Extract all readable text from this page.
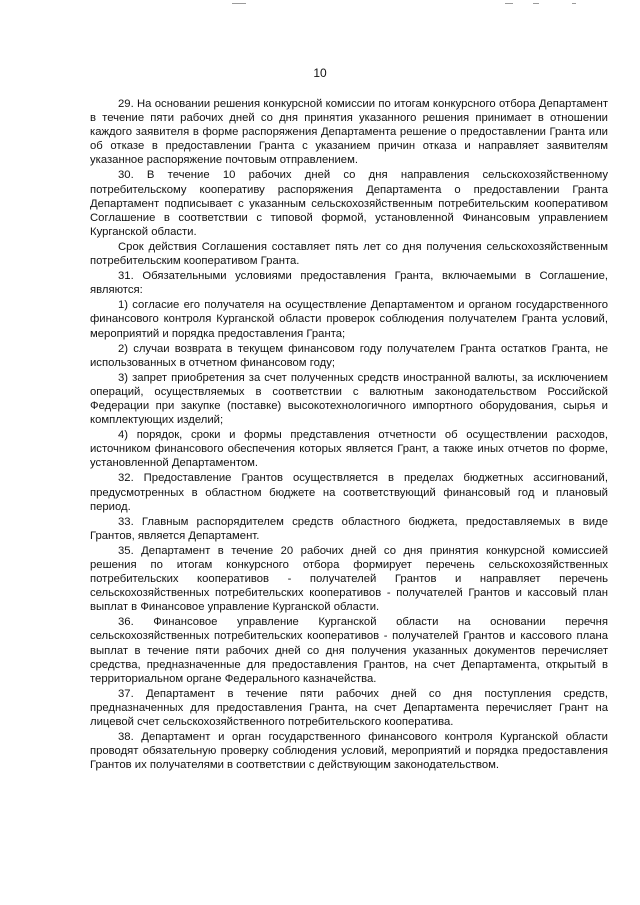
10

29. На основании решения конкурсной комиссии по итогам конкурсного отбора Департамент в течение пяти рабочих дней со дня принятия указанного решения принимает в отношении каждого заявителя в форме распоряжения Департамента решение о предоставлении Гранта или об отказе в предоставлении Гранта с указанием причин отказа и направляет заявителям указанное распоряжение почтовым отправлением.

30. В течение 10 рабочих дней со дня направления сельскохозяйственному потребительскому кооперативу распоряжения Департамента о предоставлении Гранта Департамент подписывает с указанным сельскохозяйственным потребительским кооперативом Соглашение в соответствии с типовой формой, установленной Финансовым управлением Курганской области.

Срок действия Соглашения составляет пять лет со дня получения сельскохозяйственным потребительским кооперативом Гранта.

31. Обязательными условиями предоставления Гранта, включаемыми в Соглашение, являются:

1) согласие его получателя на осуществление Департаментом и органом государственного финансового контроля Курганской области проверок соблюдения получателем Гранта условий, мероприятий и порядка предоставления Гранта;

2) случаи возврата в текущем финансовом году получателем Гранта остатков Гранта, не использованных в отчетном финансовом году;

3) запрет приобретения за счет полученных средств иностранной валюты, за исключением операций, осуществляемых в соответствии с валютным законодательством Российской Федерации при закупке (поставке) высокотехнологичного импортного оборудования, сырья и комплектующих изделий;

4) порядок, сроки и формы представления отчетности об осуществлении расходов, источником финансового обеспечения которых является Грант, а также иных отчетов по форме, установленной Департаментом.

32. Предоставление Грантов осуществляется в пределах бюджетных ассигнований, предусмотренных в областном бюджете на соответствующий финансовый год и плановый период.

33. Главным распорядителем средств областного бюджета, предоставляемых в виде Грантов, является Департамент.

35. Департамент в течение 20 рабочих дней со дня принятия конкурсной комиссией решения по итогам конкурсного отбора формирует перечень сельскохозяйственных потребительских кооперативов - получателей Грантов и направляет перечень сельскохозяйственных потребительских кооперативов - получателей Грантов и кассовый план выплат в Финансовое управление Курганской области.

36. Финансовое управление Курганской области на основании перечня сельскохозяйственных потребительских кооперативов - получателей Грантов и кассового плана выплат в течение пяти рабочих дней со дня получения указанных документов перечисляет средства, предназначенные для предоставления Грантов, на счет Департамента, открытый в территориальном органе Федерального казначейства.

37. Департамент в течение пяти рабочих дней со дня поступления средств, предназначенных для предоставления Гранта, на счет Департамента перечисляет Грант на лицевой счет сельскохозяйственного потребительского кооператива.

38. Департамент и орган государственного финансового контроля Курганской области проводят обязательную проверку соблюдения условий, мероприятий и порядка предоставления Грантов их получателями в соответствии с действующим законодательством.
